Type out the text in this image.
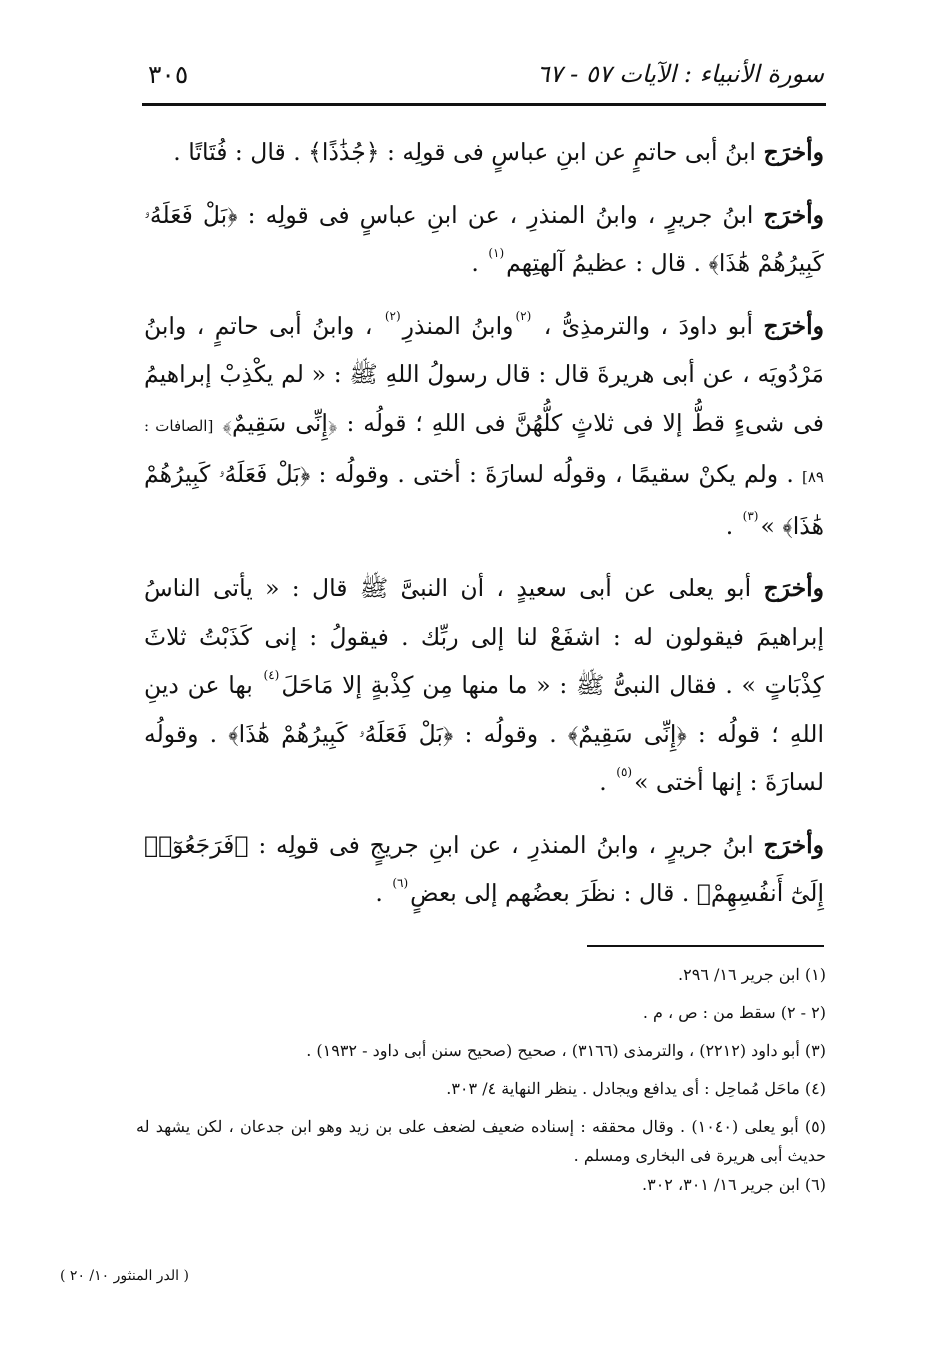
سورة الأنبياء : الآيات ٥٧ - ٦٧
٣٠٥

وأخرَج ابنُ أبى حاتمٍ عن ابنِ عباسٍ فى قولِه : ﴿جُذَٰذًا﴾ . قال : فُتَاتًا .

وأخرَج ابنُ جريرٍ ، وابنُ المنذرِ ، عن ابنِ عباسٍ فى قولِه : ﴿بَلْ فَعَلَهُۥ كَبِيرُهُمْ هَٰذَا﴾ . قال : عظيمُ آلهتِهم$^{(١)}$ .

وأخرَج أبو داودَ ، والترمذِىُّ ، $^{(٢)}$وابنُ المنذرِ$^{(٢)}$ ، وابنُ أبى حاتمٍ ، وابنُ مَرْدُويَه ، عن أبى هريرةَ قال : قال رسولُ اللهِ ﷺ : « لم يكْذِبْ إبراهيمُ فى شىءٍ قطُّ إلا فى ثلاثٍ كلُّهُنَّ فى اللهِ ؛ قولُه : ﴿إِنِّى سَقِيمٌ﴾ [الصافات : ٨٩] . ولم يكنْ سقيمًا ، وقولُه لسارَةَ : أختى . وقولُه : ﴿بَلْ فَعَلَهُۥ كَبِيرُهُمْ هَٰذَا﴾ »$^{(٣)}$ .

وأخرَج أبو يعلى عن أبى سعيدٍ ، أن النبىَّ ﷺ قال : « يأتى الناسُ إبراهيمَ فيقولون له : اشفَعْ لنا إلى ربِّك . فيقولُ : إنى كَذَبْتُ ثلاثَ كِذْبَاتٍ » . فقال النبىُّ ﷺ : « ما منها مِن كِذْبةٍ إلا مَاحَلَ$^{(٤)}$ بها عن دينِ اللهِ ؛ قولُه : ﴿إِنِّى سَقِيمٌ﴾ . وقولُه : ﴿بَلْ فَعَلَهُۥ كَبِيرُهُمْ هَٰذَا﴾ . وقولُه لسارَةَ : إنها أختى »$^{(٥)}$ .

وأخرَج ابنُ جريرٍ ، وابنُ المنذرِ ، عن ابنِ جريجٍ فى قولِه : ﴿فَرَجَعُوٓا۟ إِلَىٰٓ أَنفُسِهِمْ﴾ . قال : نظَرَ بعضُهم إلى بعضٍ$^{(٦)}$ .

(١) ابن جرير ١٦/ ٢٩٦.

(٢ - ٢) سقط من : ص ، م .

(٣) أبو داود (٢٢١٢) ، والترمذى (٣١٦٦) ، صحيح (صحيح سنن أبى داود - ١٩٣٢) .

(٤) ماحَل مُماحِل : أى يدافع ويجادل . ينظر النهاية ٤/ ٣٠٣.

(٥) أبو يعلى (١٠٤٠) . وقال محققه : إسناده ضعيف لضعف على بن زيد وهو ابن جدعان ، لكن يشهد له حديث أبى هريرة فى البخارى ومسلم .

(٦) ابن جرير ١٦/ ٣٠١، ٣٠٢.

( الدر المنثور ١٠/ ٢٠ )
